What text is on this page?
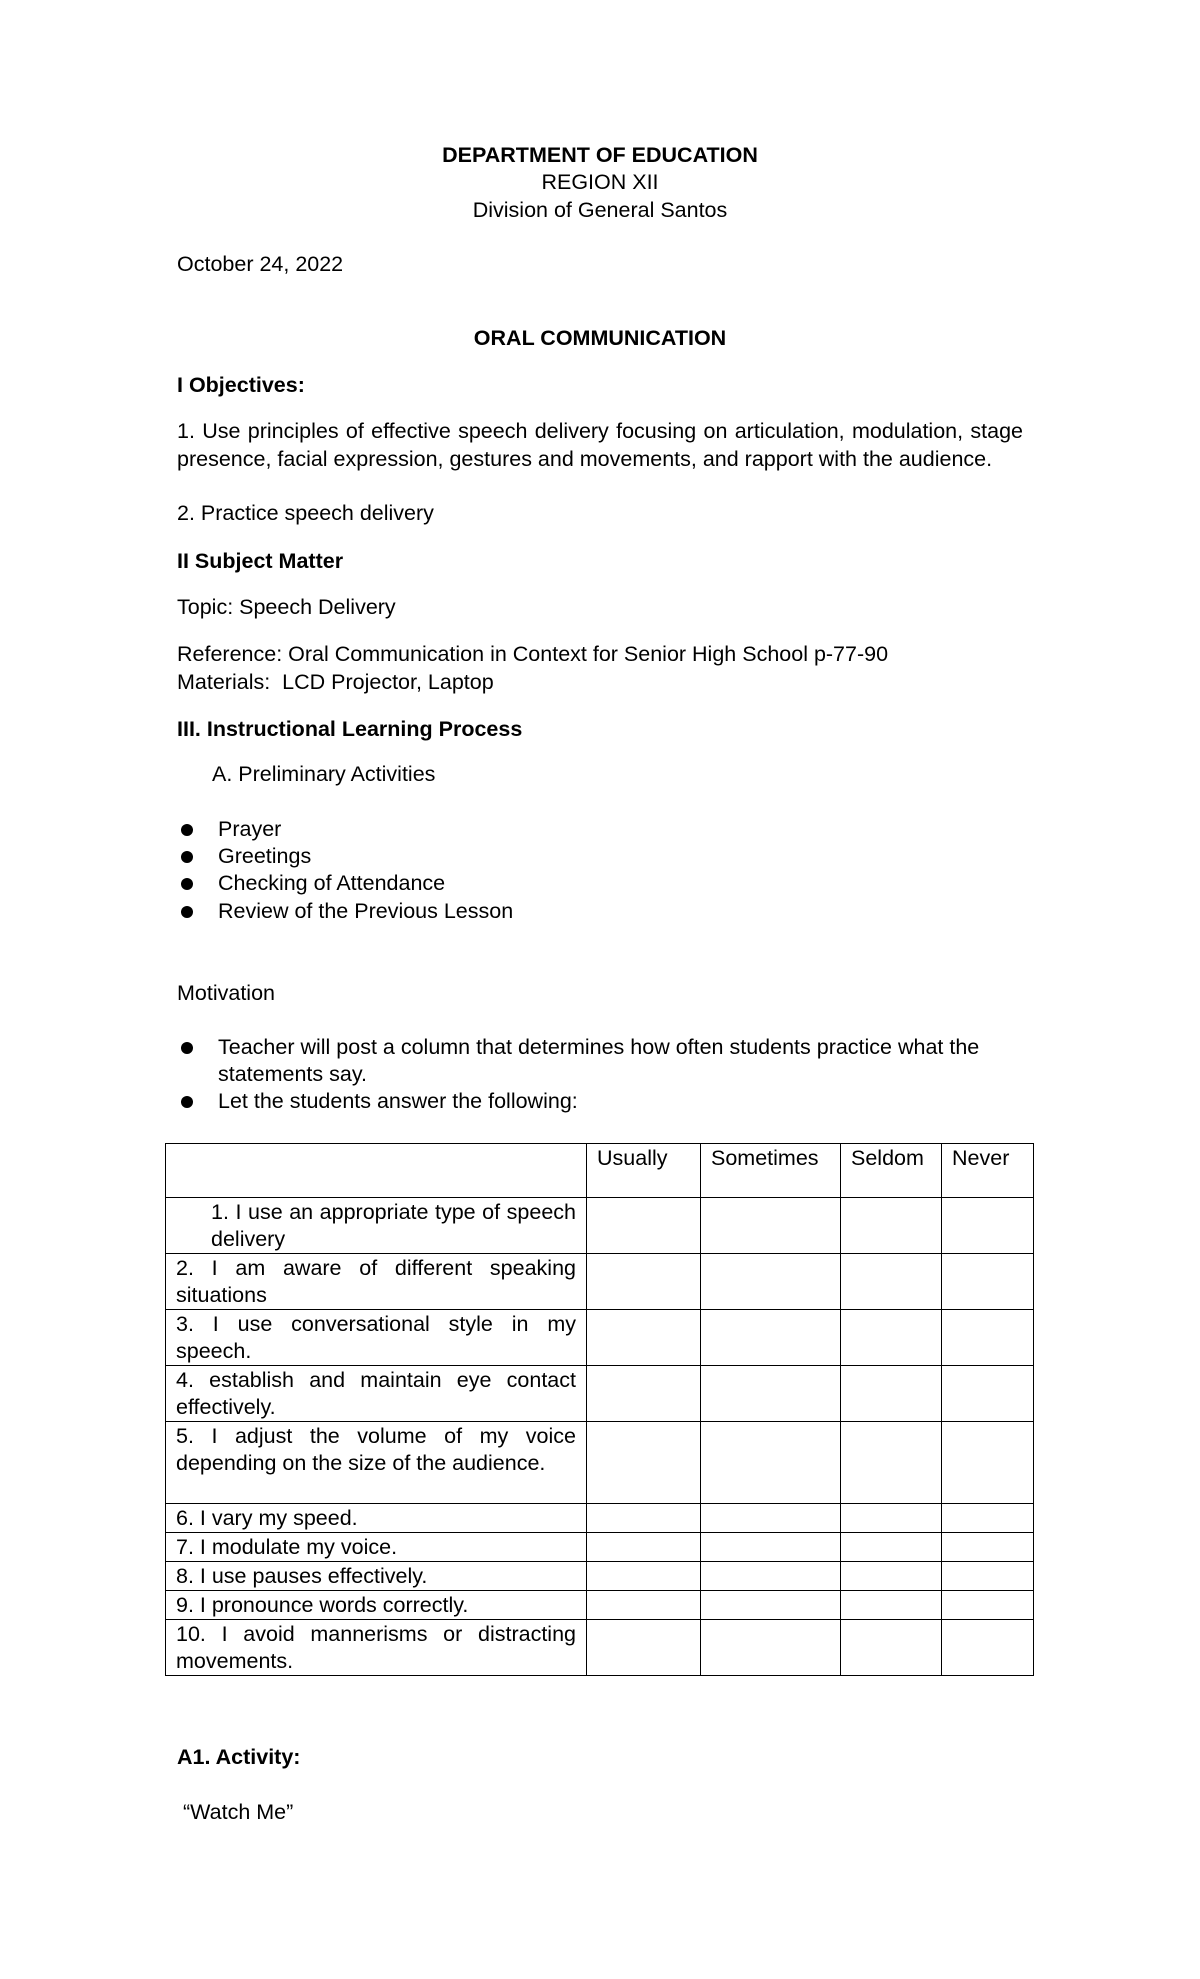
DEPARTMENT OF EDUCATION
REGION XII
Division of General Santos
October 24, 2022
ORAL COMMUNICATION
I Objectives:
1. Use principles of effective speech delivery focusing on articulation, modulation, stage presence, facial expression, gestures and movements, and rapport with the audience.
2. Practice speech delivery
II Subject Matter
Topic: Speech Delivery
Reference: Oral Communication in Context for Senior High School p-77-90
Materials:  LCD Projector, Laptop
III. Instructional Learning Process
A. Preliminary Activities
Prayer
Greetings
Checking of Attendance
Review of the Previous Lesson
Motivation
Teacher will post a column that determines how often students practice what the statements say.
Let the students answer the following:
	Usually	Sometimes	Seldom	Never
1. I use an appropriate type of speech delivery				
2. I am aware of different speaking situations				
3. I use conversational style in my speech.				
4. establish and maintain eye contact effectively.				
5. I adjust the volume of my voice depending on the size of the audience.				
6. I vary my speed.				
7. I modulate my voice.				
8. I use pauses effectively.				
9. I pronounce words correctly.				
10. I avoid mannerisms or distracting movements.				
A1. Activity:
“Watch Me”
